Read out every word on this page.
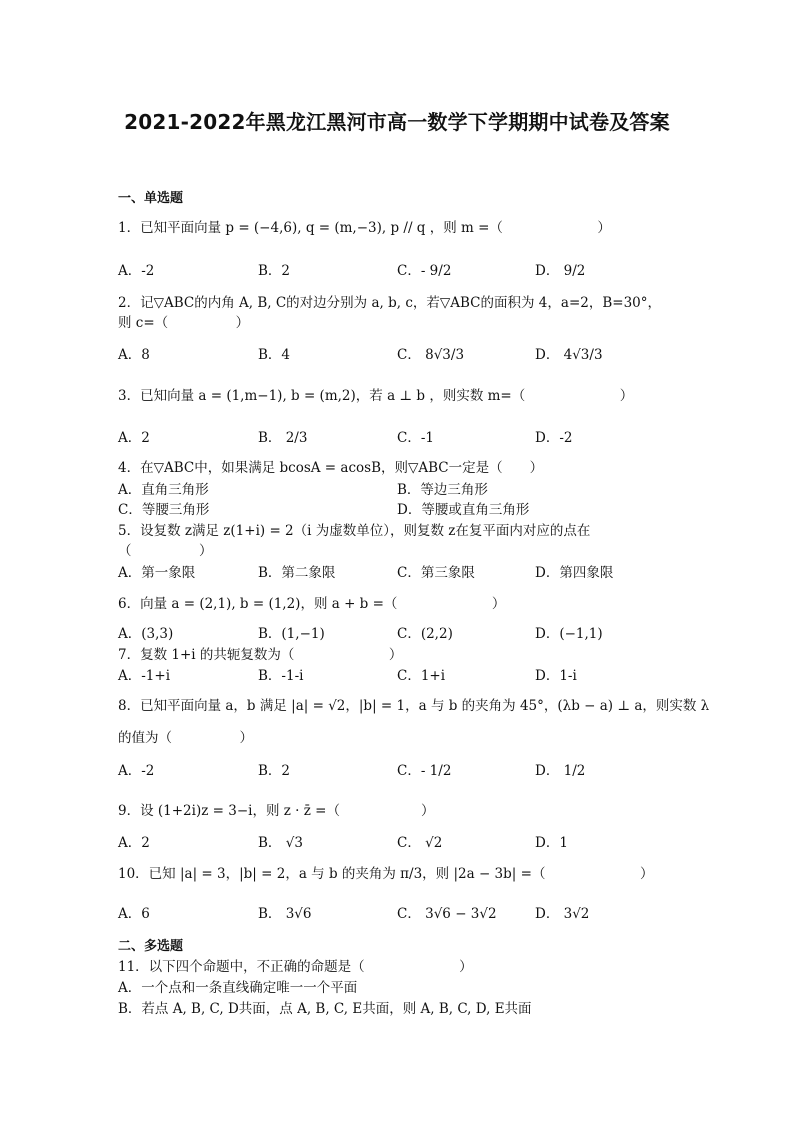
2021-2022年黑龙江黑河市高一数学下学期期中试卷及答案
一、单选题
1．已知平面向量 p = (−4,6), q = (m,−3), p // q ，则 m =（　　　　　　　）
A．-2	B．2	C．- 9/2	D． 9/2
2．记▽ABC的内角 A, B, C的对边分别为 a, b, c，若▽ABC的面积为 4，a=2，B=30°，
则 c=（　　　　　）
A．8	B．4	C． 8√3/3	D． 4√3/3
3．已知向量 a = (1,m−1), b = (m,2)，若 a ⊥ b ，则实数 m=（　　　　　　　）
A．2	B． 2/3	C．-1	D．-2
4．在▽ABC中，如果满足 bcosA = acosB，则▽ABC一定是（　　）
A．直角三角形	B．等边三角形
C．等腰三角形	D．等腰或直角三角形
5．设复数 z满足 z(1+i) = 2（i 为虚数单位），则复数 z在复平面内对应的点在
（　　　　　）
A．第一象限	B．第二象限	C．第三象限	D．第四象限
6．向量 a = (2,1), b = (1,2)，则 a + b =（　　　　　　　）
A．(3,3)	B．(1,−1)	C．(2,2)	D．(−1,1)
7．复数 1+i 的共轭复数为（　　　　　　　）
A．-1+i	B．-1-i	C．1+i	D．1-i
8．已知平面向量 a，b 满足 |a| = √2，|b| = 1，a 与 b 的夹角为 45°，(λb − a) ⊥ a，则实数 λ
的值为（　　　　　）
A．-2	B．2	C．- 1/2	D． 1/2
9．设 (1+2i)z = 3−i，则 z · z̄ =（　　　　　　）
A．2	B． √3	C． √2	D．1
10．已知 |a| = 3，|b| = 2，a 与 b 的夹角为 π/3，则 |2a − 3b| =（　　　　　　　）
A．6	B． 3√6	C． 3√6 − 3√2	D． 3√2
二、多选题
11．以下四个命题中，不正确的命题是（　　　　　　　）
A．一个点和一条直线确定唯一一个平面
B．若点 A, B, C, D共面，点 A, B, C, E共面，则 A, B, C, D, E共面
